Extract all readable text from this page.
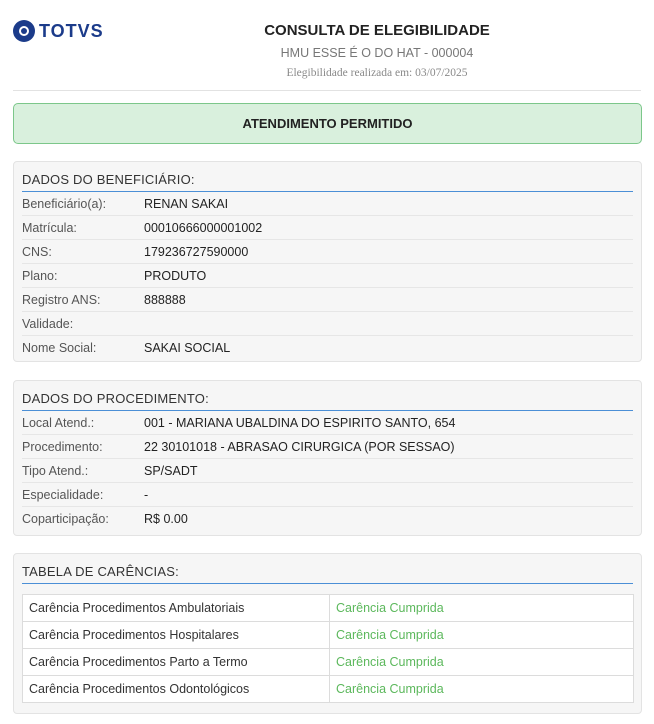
TOTVS	CONSULTA DE ELEGIBILIDADE
HMU ESSE É O DO HAT - 000004
Elegibilidade realizada em: 03/07/2025
ATENDIMENTO PERMITIDO
DADOS DO BENEFICIÁRIO:
Beneficiário(a):	RENAN SAKAI
Matrícula:	00010666000001002
CNS:	179236727590000
Plano:	PRODUTO
Registro ANS:	888888
Validade:
Nome Social:	SAKAI SOCIAL
DADOS DO PROCEDIMENTO:
Local Atend.:	001 - MARIANA UBALDINA DO ESPIRITO SANTO, 654
Procedimento:	22 30101018 - ABRASAO CIRURGICA (POR SESSAO)
Tipo Atend.:	SP/SADT
Especialidade:	-
Coparticipação:	R$ 0.00
TABELA DE CARÊNCIAS:
Carência Procedimentos Ambulatoriais	Carência Cumprida
Carência Procedimentos Hospitalares	Carência Cumprida
Carência Procedimentos Parto a Termo	Carência Cumprida
Carência Procedimentos Odontológicos	Carência Cumprida
